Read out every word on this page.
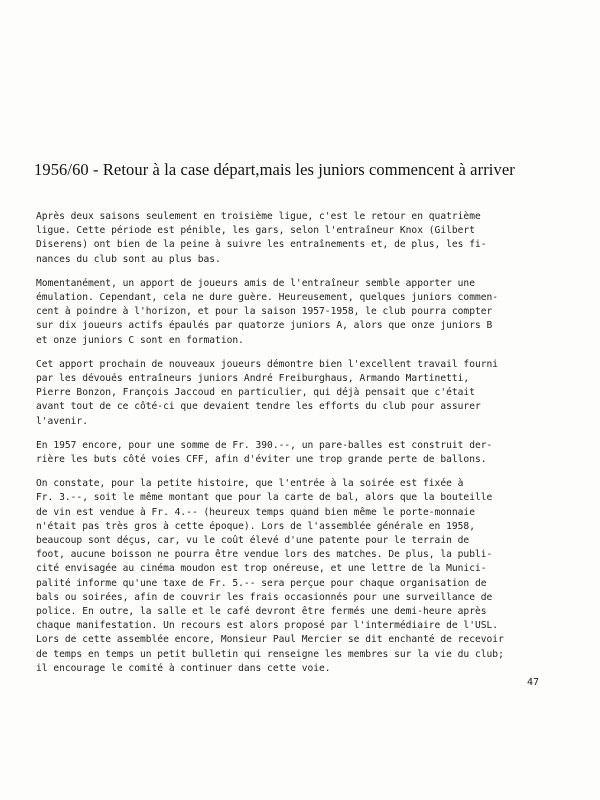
1956/60 - Retour à la case départ,mais les juniors commencent à arriver

Après deux saisons seulement en troisième ligue, c'est le retour en quatrième
ligue. Cette période est pénible, les gars, selon l'entraîneur Knox (Gilbert
Diserens) ont bien de la peine à suivre les entraînements et, de plus, les fi-
nances du club sont au plus bas.

Momentanément, un apport de joueurs amis de l'entraîneur semble apporter une
émulation. Cependant, cela ne dure guère. Heureusement, quelques juniors commen-
cent à poindre à l'horizon, et pour la saison 1957-1958, le club pourra compter
sur dix joueurs actifs épaulés par quatorze juniors A, alors que onze juniors B
et onze juniors C sont en formation.

Cet apport prochain de nouveaux joueurs démontre bien l'excellent travail fourni
par les dévoués entraîneurs juniors André Freiburghaus, Armando Martinetti,
Pierre Bonzon, François Jaccoud en particulier, qui déjà pensait que c'était
avant tout de ce côté-ci que devaient tendre les efforts du club pour assurer
l'avenir.

En 1957 encore, pour une somme de Fr. 390.--, un pare-balles est construit der-
rière les buts côté voies CFF, afin d'éviter une trop grande perte de ballons.

On constate, pour la petite histoire, que l'entrée à la soirée est fixée à
Fr. 3.--, soit le même montant que pour la carte de bal, alors que la bouteille
de vin est vendue à Fr. 4.-- (heureux temps quand bien même le porte-monnaie
n'était pas très gros à cette époque). Lors de l'assemblée générale en 1958,
beaucoup sont déçus, car, vu le coût élevé d'une patente pour le terrain de
foot, aucune boisson ne pourra être vendue lors des matches. De plus, la publi-
cité envisagée au cinéma moudon est trop onéreuse, et une lettre de la Munici-
palité informe qu'une taxe de Fr. 5.-- sera perçue pour chaque organisation de
bals ou soirées, afin de couvrir les frais occasionnés pour une surveillance de
police. En outre, la salle et le café devront être fermés une demi-heure après
chaque manifestation. Un recours est alors proposé par l'intermédiaire de l'USL.
Lors de cette assemblée encore, Monsieur Paul Mercier se dit enchanté de recevoir
de temps en temps un petit bulletin qui renseigne les membres sur la vie du club;
il encourage le comité à continuer dans cette voie.

47
